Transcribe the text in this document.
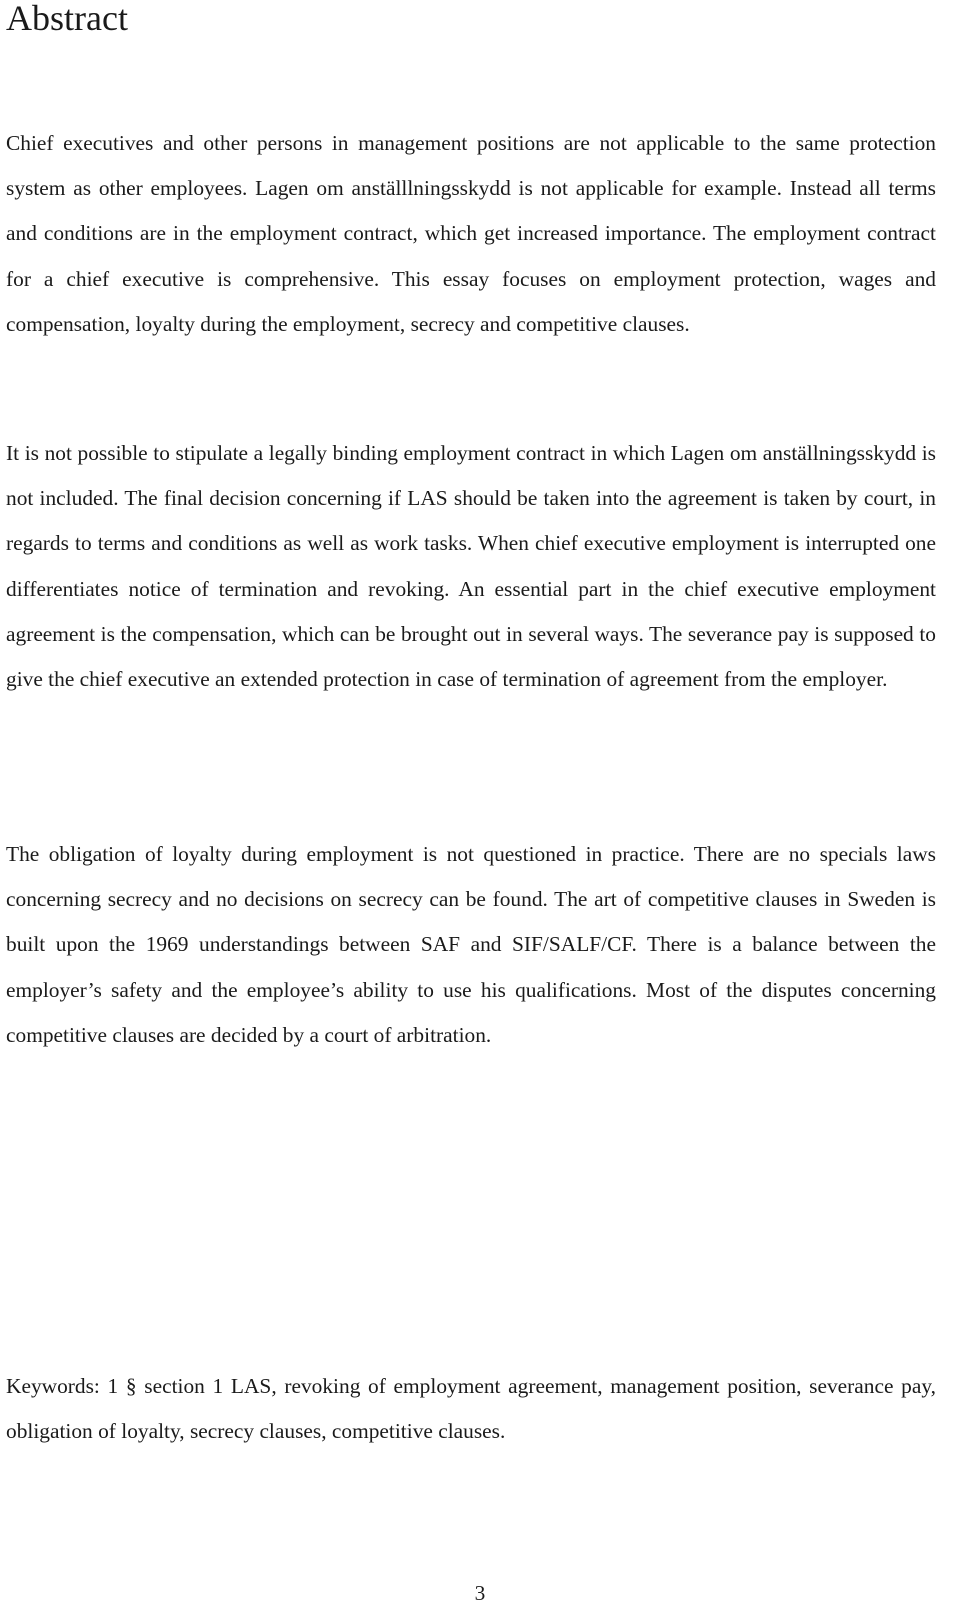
Abstract

Chief executives and other persons in management positions are not applicable to the same protection system as other employees. Lagen om anställlningsskydd is not applicable for example. Instead all terms and conditions are in the employment contract, which get increased importance. The employment contract for a chief executive is comprehensive. This essay focuses on employment protection, wages and compensation, loyalty during the employment, secrecy and competitive clauses.

It is not possible to stipulate a legally binding employment contract in which Lagen om anställningsskydd is not included. The final decision concerning if LAS should be taken into the agreement is taken by court, in regards to terms and conditions as well as work tasks. When chief executive employment is interrupted one differentiates notice of termination and revoking. An essential part in the chief executive employment agreement is the compensation, which can be brought out in several ways. The severance pay is supposed to give the chief executive an extended protection in case of termination of agreement from the employer.

The obligation of loyalty during employment is not questioned in practice. There are no specials laws concerning secrecy and no decisions on secrecy can be found. The art of competitive clauses in Sweden is built upon the 1969 understandings between SAF and SIF/SALF/CF. There is a balance between the employer’s safety and the employee’s ability to use his qualifications. Most of the disputes concerning competitive clauses are decided by a court of arbitration.

Keywords: 1 § section 1 LAS, revoking of employment agreement, management position, severance pay, obligation of loyalty, secrecy clauses, competitive clauses.

3
